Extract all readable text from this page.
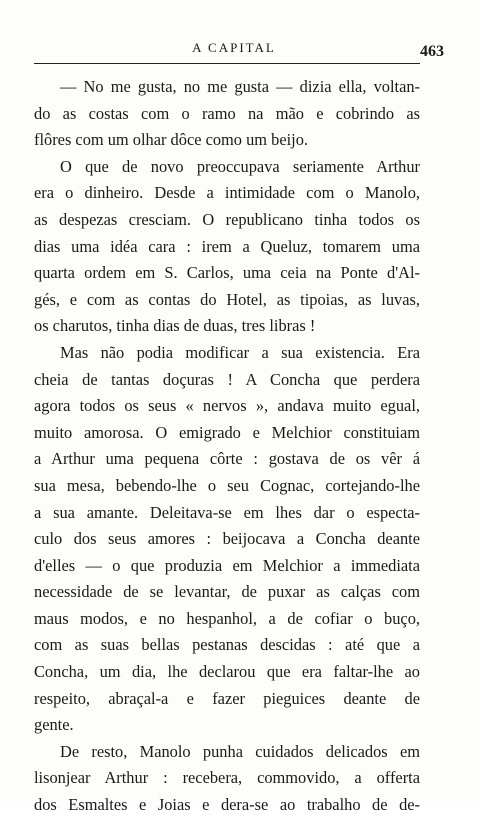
A CAPITAL	463
— No me gusta, no me gusta — dizia ella, voltan-
do as costas com o ramo na mão e cobrindo as
flôres com um olhar dôce como um beijo.
O que de novo preoccupava seriamente Arthur
era o dinheiro. Desde a intimidade com o Manolo,
as despezas cresciam. O republicano tinha todos os
dias uma idéa cara : irem a Queluz, tomarem uma
quarta ordem em S. Carlos, uma ceia na Ponte d'Al-
gés, e com as contas do Hotel, as tipoias, as luvas,
os charutos, tinha dias de duas, tres libras !
Mas não podia modificar a sua existencia. Era
cheia de tantas doçuras ! A Concha que perdera
agora todos os seus « nervos », andava muito egual,
muito amorosa. O emigrado e Melchior constituiam
a Arthur uma pequena côrte : gostava de os vêr á
sua mesa, bebendo-lhe o seu Cognac, cortejando-lhe
a sua amante. Deleitava-se em lhes dar o especta-
culo dos seus amores : beijocava a Concha deante
d'elles — o que produzia em Melchior a immediata
necessidade de se levantar, de puxar as calças com
maus modos, e no hespanhol, a de cofiar o buço,
com as suas bellas pestanas descidas : até que a
Concha, um dia, lhe declarou que era faltar-lhe ao
respeito, abraçal-a e fazer pieguices deante de
gente.
De resto, Manolo punha cuidados delicados em
lisonjear Arthur : recebera, commovido, a offerta
dos Esmaltes e Joias e dera-se ao trabalho de de-
